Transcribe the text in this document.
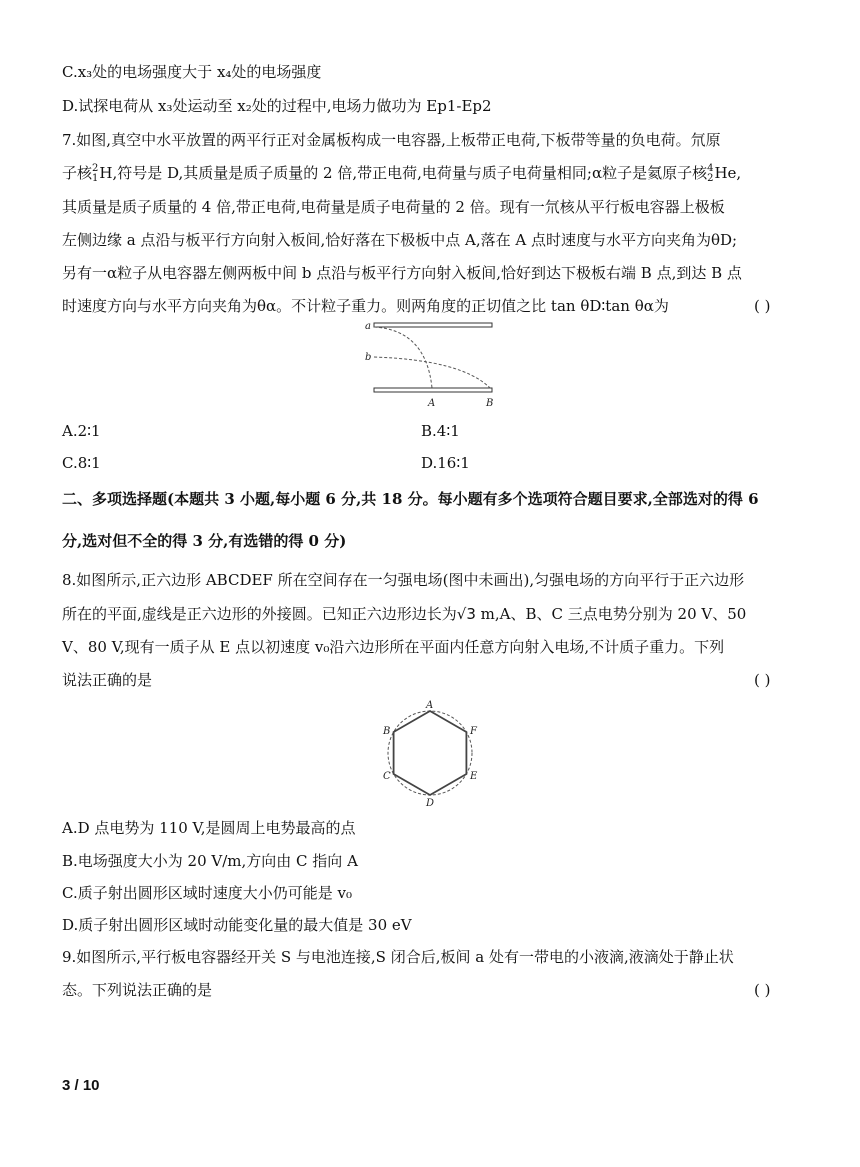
C.x₃处的电场强度大于 x₄处的电场强度
D.试探电荷从 x₃处运动至 x₂处的过程中,电场力做功为 Ep1-Ep2
7.如图,真空中水平放置的两平行正对金属板构成一电容器,上板带正电荷,下板带等量的负电荷。氘原
子核 2
1 H,符号是 D,其质量是质子质量的 2 倍,带正电荷,电荷量与质子电荷量相同;α粒子是氦原子核 4
2 He,
其质量是质子质量的 4 倍,带正电荷,电荷量是质子电荷量的 2 倍。现有一氘核从平行板电容器上极板
左侧边缘 a 点沿与板平行方向射入板间,恰好落在下极板中点 A,落在 A 点时速度与水平方向夹角为θD;
另有一α粒子从电容器左侧两板中间 b 点沿与板平行方向射入板间,恰好到达下极板右端 B 点,到达 B 点
时速度方向与水平方向夹角为θα。不计粒子重力。则两角度的正切值之比 tan θD∶tan θα为	( )
a
b
A	B
A.2∶1	B.4∶1
C.8∶1	D.16∶1
二、多项选择题(本题共 3 小题,每小题 6 分,共 18 分。每小题有多个选项符合题目要求,全部选对的得 6
分,选对但不全的得 3 分,有选错的得 0 分)
8.如图所示,正六边形 ABCDEF 所在空间存在一匀强电场(图中未画出),匀强电场的方向平行于正六边形
所在的平面,虚线是正六边形的外接圆。已知正六边形边长为√3 m,A、B、C 三点电势分别为 20 V、50
V、80 V,现有一质子从 E 点以初速度 v₀沿六边形所在平面内任意方向射入电场,不计质子重力。下列
说法正确的是	( )
A
B
C
D
E
F
A.D 点电势为 110 V,是圆周上电势最高的点
B.电场强度大小为 20 V/m,方向由 C 指向 A
C.质子射出圆形区域时速度大小仍可能是 v₀
D.质子射出圆形区域时动能变化量的最大值是 30 eV
9.如图所示,平行板电容器经开关 S 与电池连接,S 闭合后,板间 a 处有一带电的小液滴,液滴处于静止状
态。下列说法正确的是	( )
3 / 10
